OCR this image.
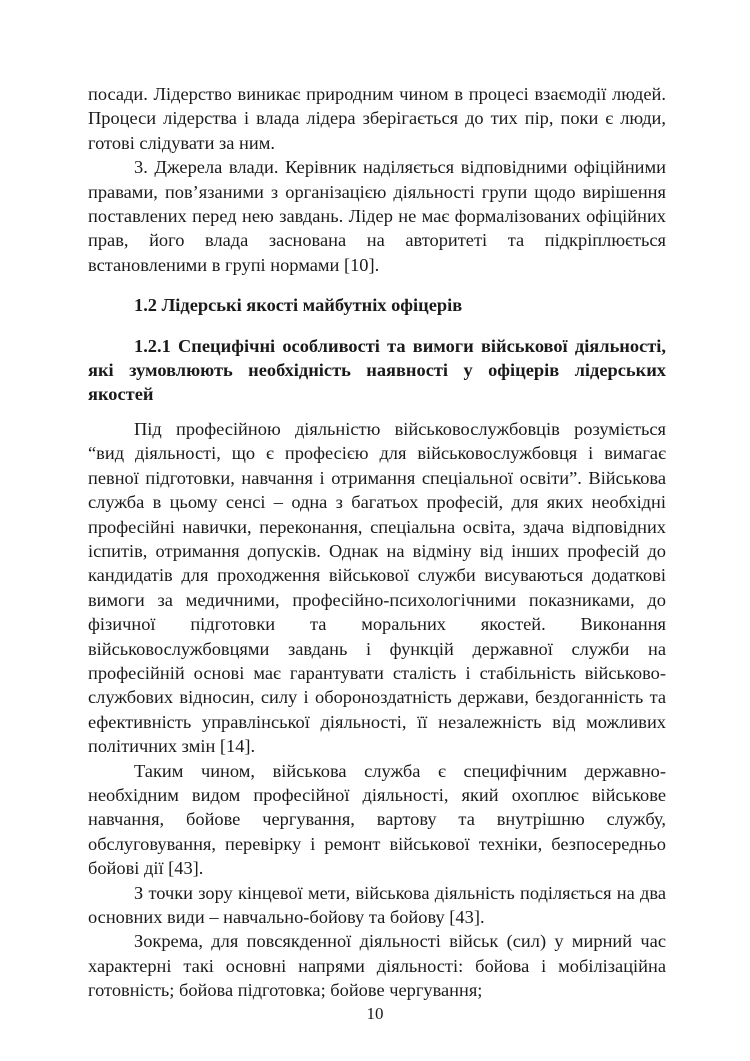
посади. Лідерство виникає природним чином в процесі взаємодії людей. Процеси лідерства і влада лідера зберігається до тих пір, поки є люди, готові слідувати за ним.

3. Джерела влади. Керівник наділяється відповідними офіційними правами, пов’язаними з організацією діяльності групи щодо вирішення поставлених перед нею завдань. Лідер не має формалізованих офіційних прав, його влада заснована на авторитеті та підкріплюється встановленими в групі нормами [10].

1.2 Лідерські якості майбутніх офіцерів

1.2.1 Специфічні особливості та вимоги військової діяльності, які зумовлюють необхідність наявності у офіцерів лідерських якостей

Під професійною діяльністю військовослужбовців розуміється “вид діяльності, що є професією для військовослужбовця і вимагає певної підготовки, навчання і отримання спеціальної освіти”. Військова служба в цьому сенсі – одна з багатьох професій, для яких необхідні професійні навички, переконання, спеціальна освіта, здача відповідних іспитів, отримання допусків. Однак на відміну від інших професій до кандидатів для проходження військової служби висуваються додаткові вимоги за медичними, професійно-психологічними показниками, до фізичної підготовки та моральних якостей. Виконання військовослужбовцями завдань і функцій державної служби на професійній основі має гарантувати сталість і стабільність військово-службових відносин, силу і обороноздатність держави, бездоганність та ефективність управлінської діяльності, її незалежність від можливих політичних змін [14].

Таким чином, військова служба є специфічним державно-необхідним видом професійної діяльності, який охоплює військове навчання, бойове чергування, вартову та внутрішню службу, обслуговування, перевірку і ремонт військової техніки, безпосередньо бойові дії [43].

З точки зору кінцевої мети, військова діяльність поділяється на два основних види – навчально-бойову та бойову [43].

Зокрема, для повсякденної діяльності військ (сил) у мирний час характерні такі основні напрями діяльності: бойова і мобілізаційна готовність; бойова підготовка; бойове чергування;

10
